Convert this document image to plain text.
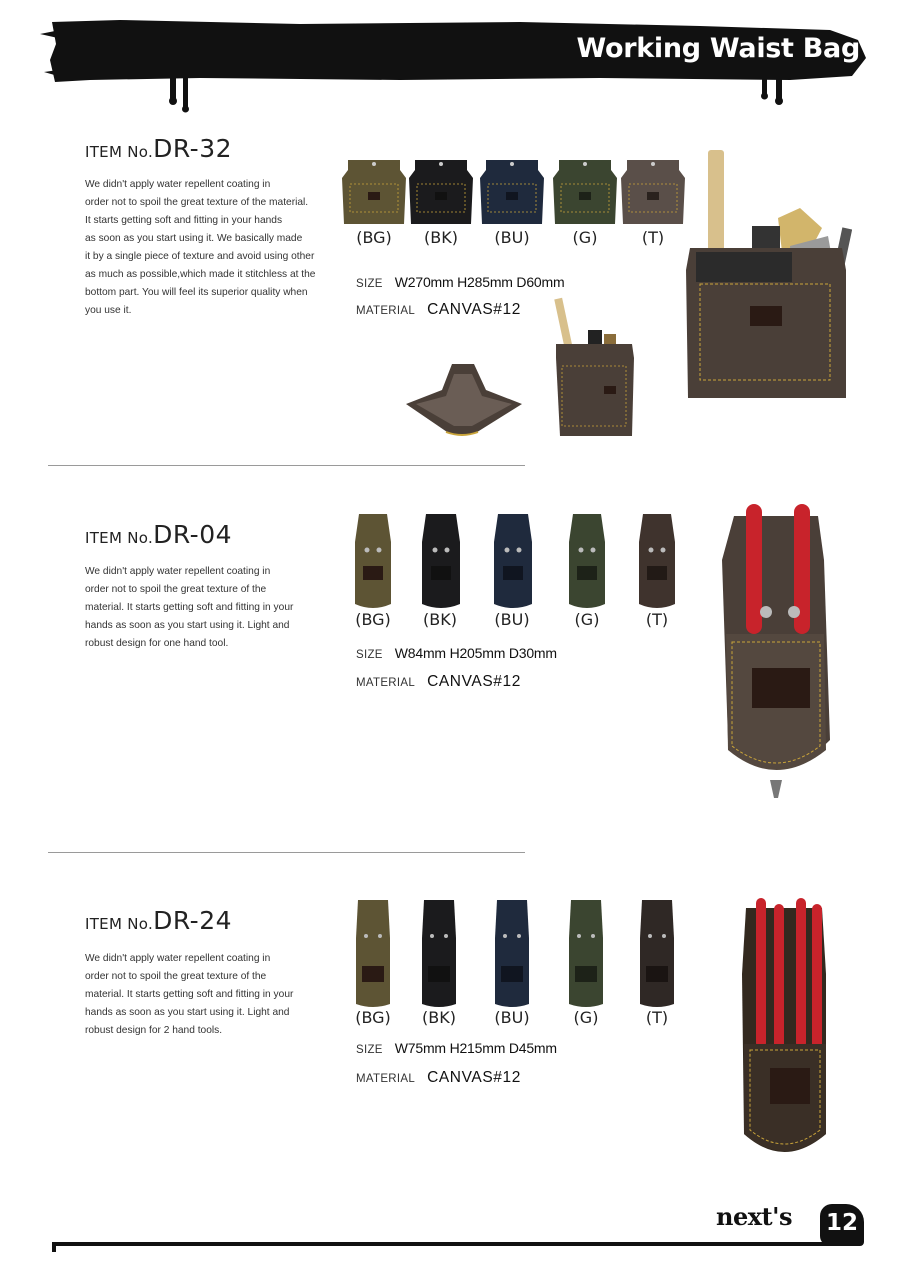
Working Waist Bag
ITEM No.DR-32
We didn't apply water repellent coating in
order not to spoil the great texture of the material.
It starts getting soft and fitting in your hands
as soon as you start using it. We basically made
it by a single piece of texture and avoid using other
as much as possible,which made it stitchless at the
bottom part. You will feel its superior quality when
you use it.
(BG)	(BK)	(BU)	(G)	(T)
SIZE W270mm H285mm D60mm
MATERIAL CANVAS#12
ITEM No.DR-04
We didn't apply water repellent coating in
order not to spoil the great texture of the
material. It starts getting soft and fitting in your
hands as soon as you start using it. Light and
robust design for one hand tool.
(BG)	(BK)	(BU)	(G)	(T)
SIZE W84mm H205mm D30mm
MATERIAL CANVAS#12
ITEM No.DR-24
We didn't apply water repellent coating in
order not to spoil the great texture of the
material. It starts getting soft and fitting in your
hands as soon as you start using it. Light and
robust design for 2 hand tools.
(BG)	(BK)	(BU)	(G)	(T)
SIZE W75mm H215mm D45mm
MATERIAL CANVAS#12
next's 12
